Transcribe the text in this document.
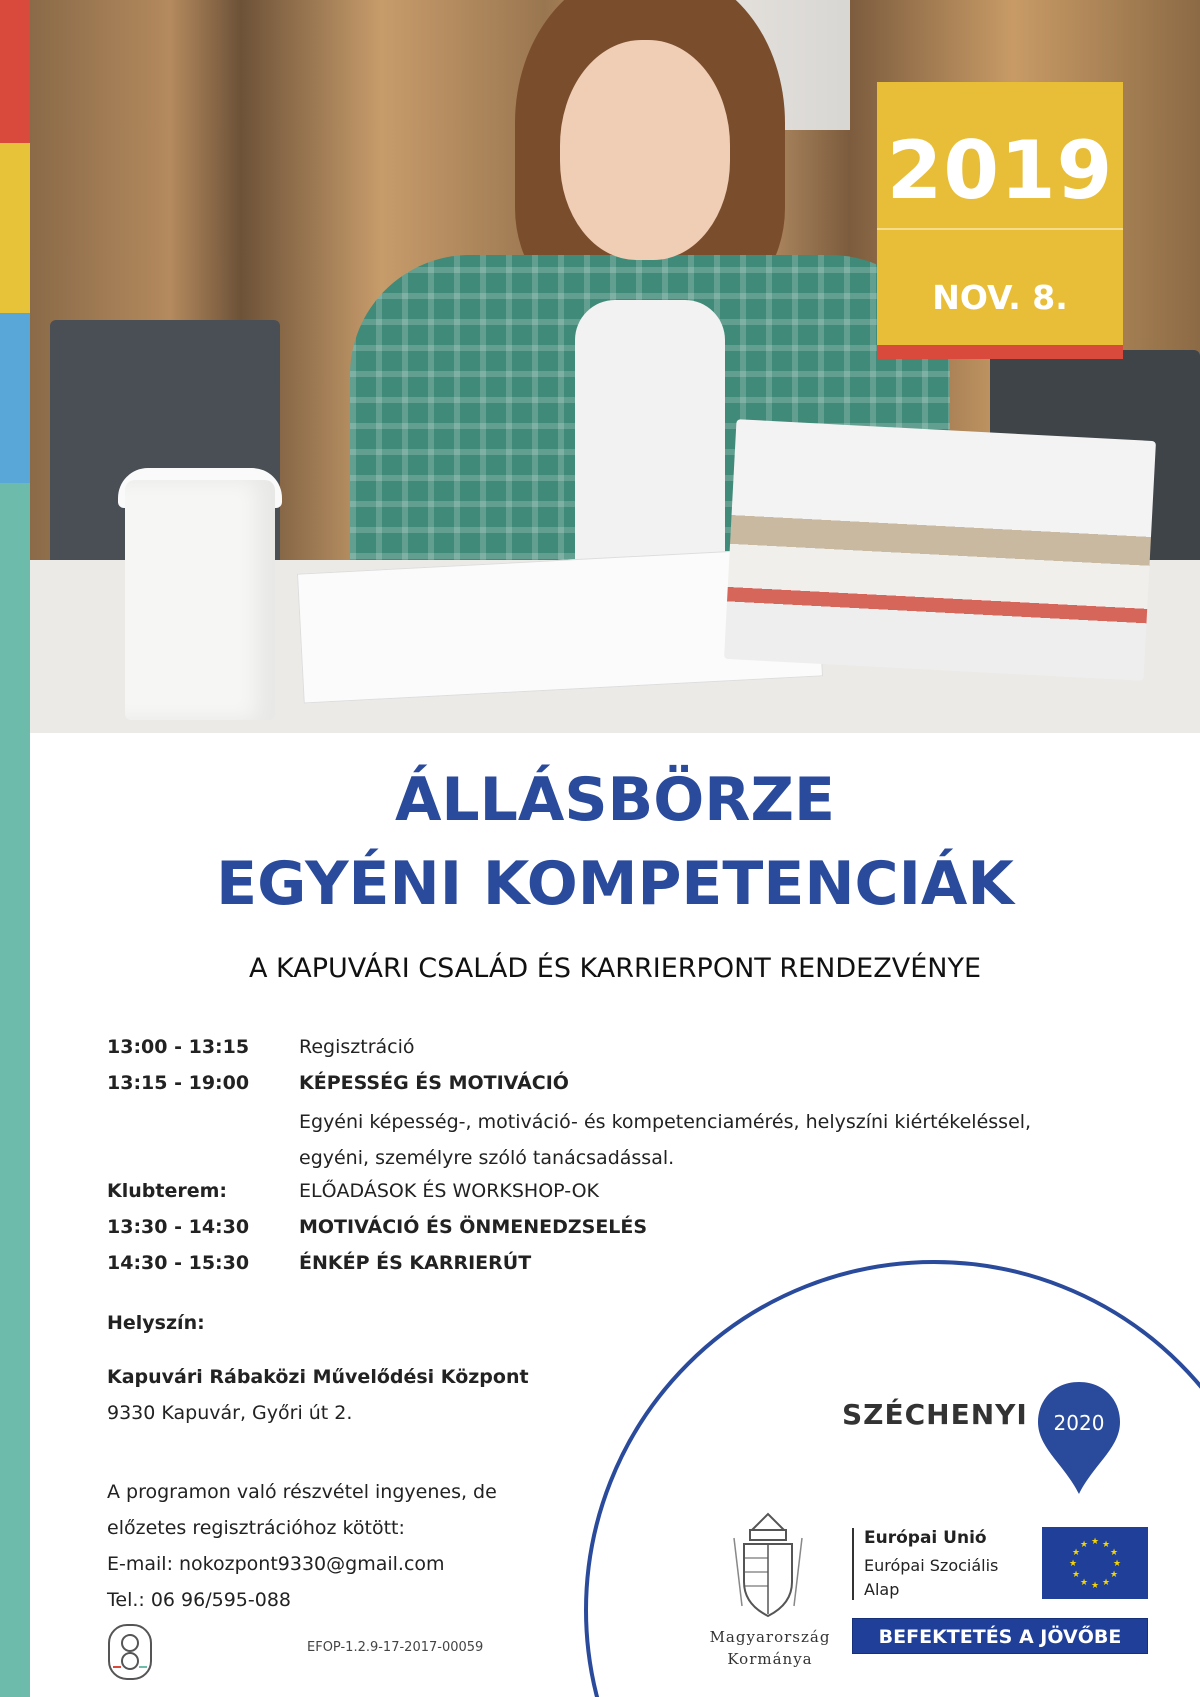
2019
NOV. 8.
ÁLLÁSBÖRZE
EGYÉNI KOMPETENCIÁK
A KAPUVÁRI CSALÁD ÉS KARRIERPONT RENDEZVÉNYE
13:00 - 13:15	Regisztráció
13:15 - 19:00	KÉPESSÉG ÉS MOTIVÁCIÓ
Egyéni képesség-, motiváció- és kompetenciamérés, helyszíni kiértékeléssel, egyéni, személyre szóló tanácsadással.
Klubterem:	ELŐADÁSOK ÉS WORKSHOP-OK
13:30 - 14:30	MOTIVÁCIÓ ÉS ÖNMENEDZSELÉS
14:30 - 15:30	ÉNKÉP ÉS KARRIERÚT
Helyszín:
Kapuvári Rábaközi Művelődési Központ
9330 Kapuvár, Győri út 2.
A programon való részvétel ingyenes, de
előzetes regisztrációhoz kötött:
E-mail: nokozpont9330@gmail.com
Tel.: 06 96/595-088
EFOP-1.2.9-17-2017-00059
SZÉCHENYI 2020
Magyarország
Kormánya
Európai Unió
Európai Szociális
Alap
★ ★
★
★
★
★
★
★
★
★
★
★
BEFEKTETÉS A JÖVŐBE
